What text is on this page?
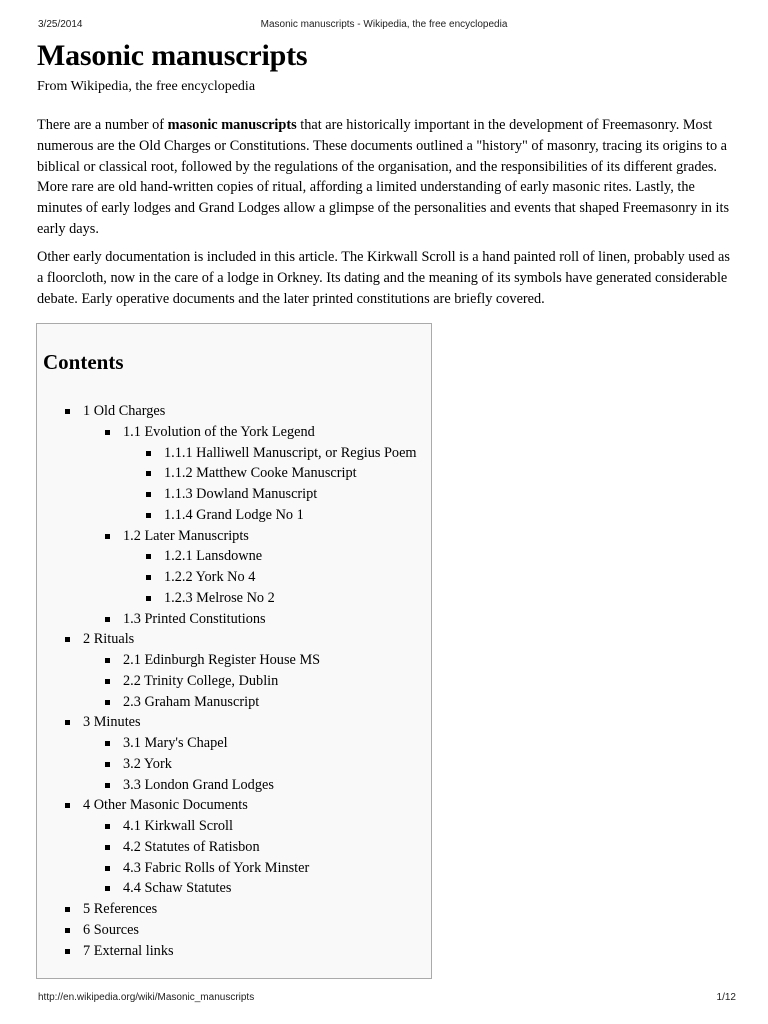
3/25/2014	Masonic manuscripts - Wikipedia, the free encyclopedia
Masonic manuscripts
From Wikipedia, the free encyclopedia

There are a number of masonic manuscripts that are historically important in the development of Freemasonry. Most numerous are the Old Charges or Constitutions. These documents outlined a "history" of masonry, tracing its origins to a biblical or classical root, followed by the regulations of the organisation, and the responsibilities of its different grades. More rare are old hand-written copies of ritual, affording a limited understanding of early masonic rites. Lastly, the minutes of early lodges and Grand Lodges allow a glimpse of the personalities and events that shaped Freemasonry in its early days.

Other early documentation is included in this article. The Kirkwall Scroll is a hand painted roll of linen, probably used as a floorcloth, now in the care of a lodge in Orkney. Its dating and the meaning of its symbols have generated considerable debate. Early operative documents and the later printed constitutions are briefly covered.

Contents
1 Old Charges
1.1 Evolution of the York Legend
1.1.1 Halliwell Manuscript, or Regius Poem
1.1.2 Matthew Cooke Manuscript
1.1.3 Dowland Manuscript
1.1.4 Grand Lodge No 1
1.2 Later Manuscripts
1.2.1 Lansdowne
1.2.2 York No 4
1.2.3 Melrose No 2
1.3 Printed Constitutions
2 Rituals
2.1 Edinburgh Register House MS
2.2 Trinity College, Dublin
2.3 Graham Manuscript
3 Minutes
3.1 Mary's Chapel
3.2 York
3.3 London Grand Lodges
4 Other Masonic Documents
4.1 Kirkwall Scroll
4.2 Statutes of Ratisbon
4.3 Fabric Rolls of York Minster
4.4 Schaw Statutes
5 References
6 Sources
7 External links
http://en.wikipedia.org/wiki/Masonic_manuscripts	1/12
